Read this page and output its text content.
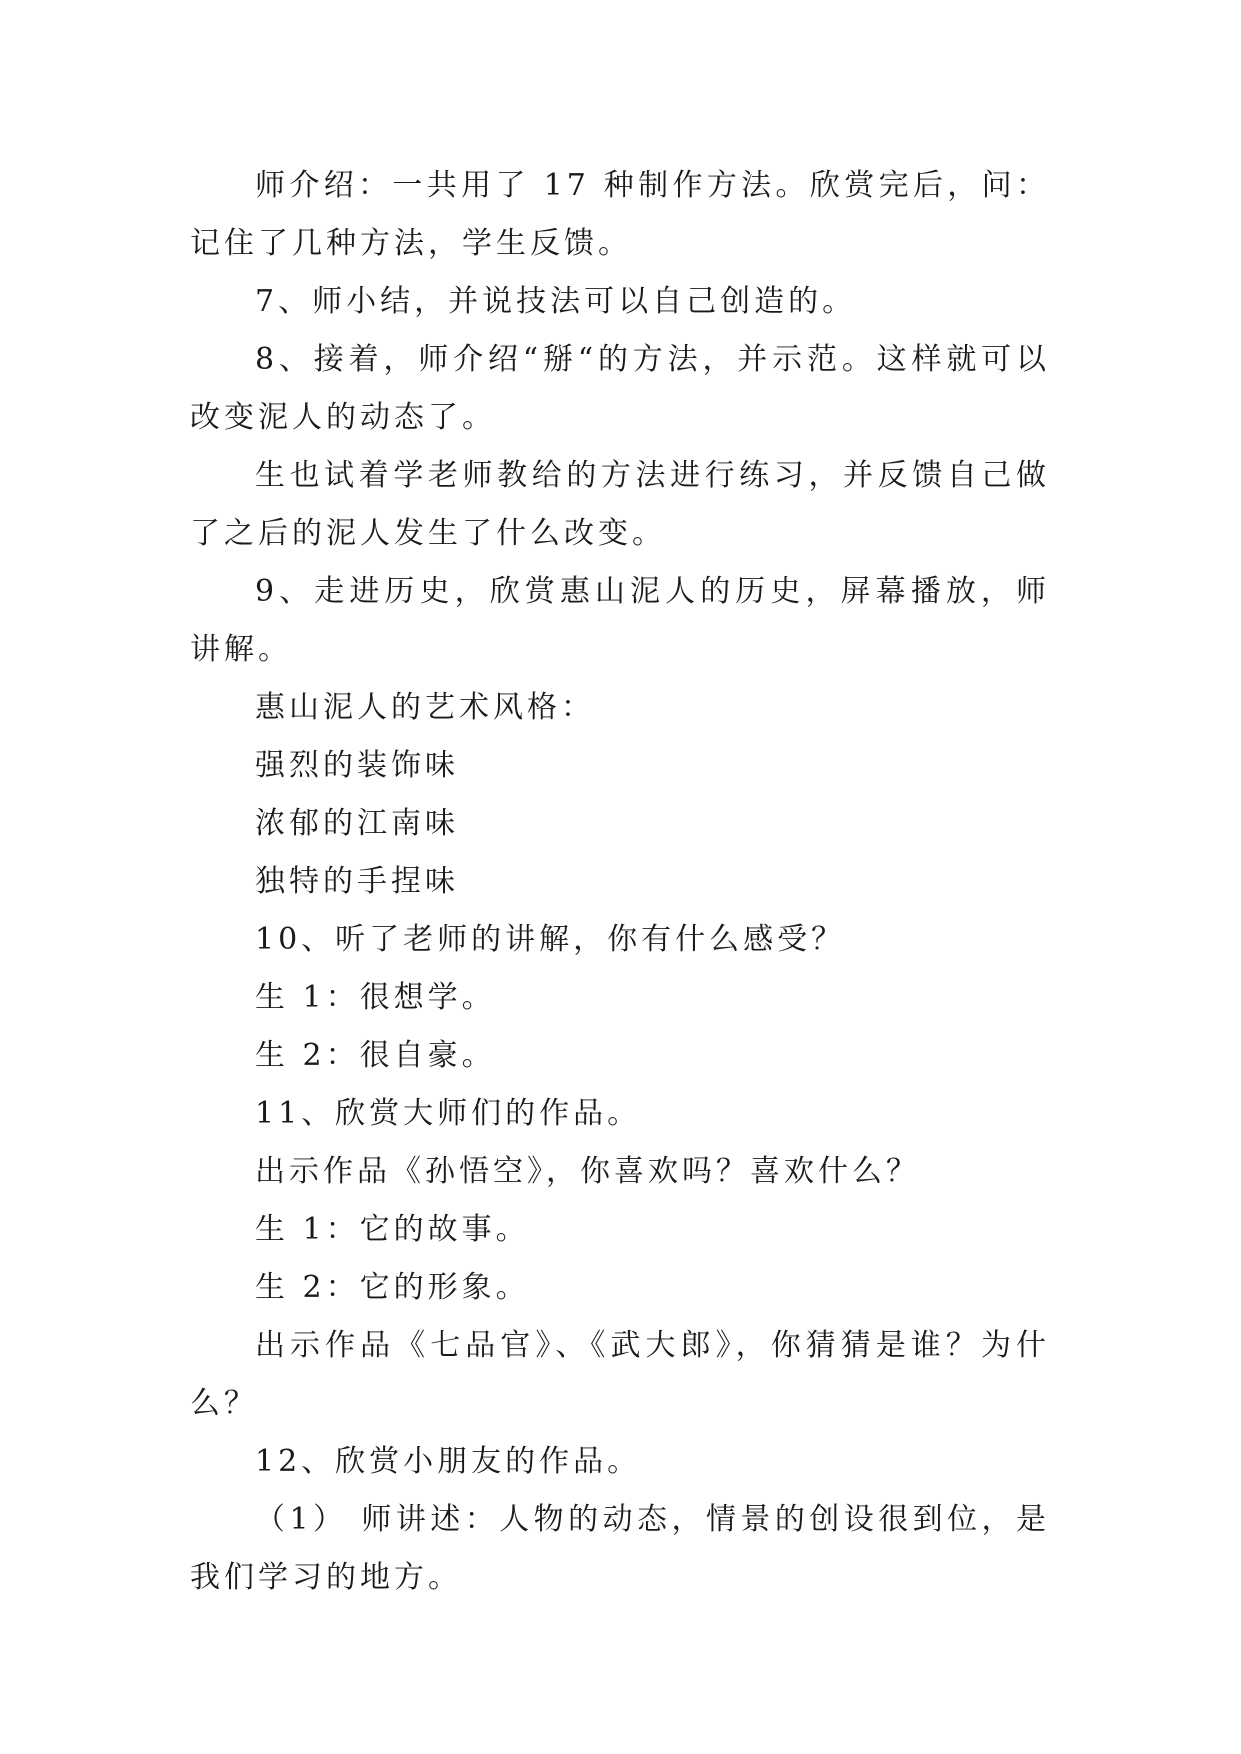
师介绍：一共用了 17 种制作方法。欣赏完后，问：记住了几种方法，学生反馈。

7、师小结，并说技法可以自己创造的。

8、接着，师介绍“掰“的方法，并示范。这样就可以改变泥人的动态了。

生也试着学老师教给的方法进行练习，并反馈自己做了之后的泥人发生了什么改变。

9、走进历史，欣赏惠山泥人的历史，屏幕播放，师讲解。

惠山泥人的艺术风格：

强烈的装饰味

浓郁的江南味

独特的手捏味

10、听了老师的讲解，你有什么感受？

生 1：很想学。

生 2：很自豪。

11、欣赏大师们的作品。

出示作品《孙悟空》，你喜欢吗？喜欢什么？

生 1：它的故事。

生 2：它的形象。

出示作品《七品官》、《武大郎》，你猜猜是谁？为什么？

12、欣赏小朋友的作品。

（1） 师讲述：人物的动态，情景的创设很到位，是我们学习的地方。
